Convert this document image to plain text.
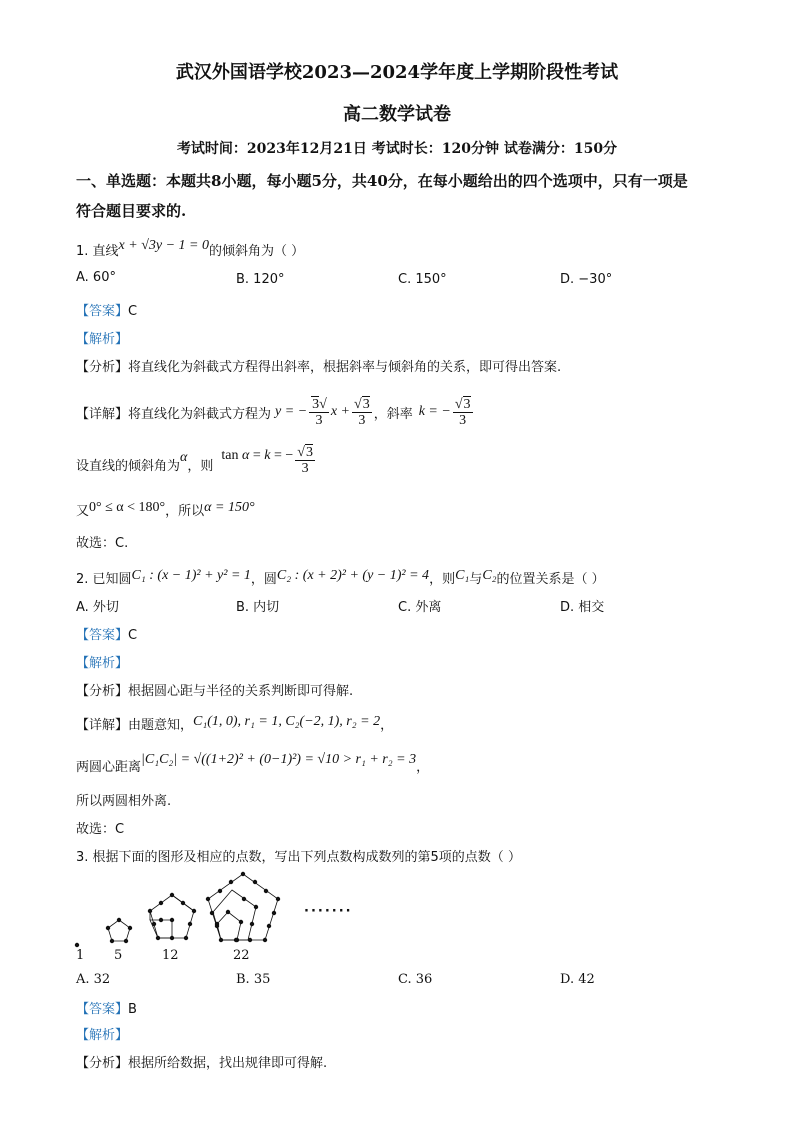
武汉外国语学校2023—2024学年度上学期阶段性考试
高二数学试卷
考试时间：2023年12月21日 考试时长：120分钟 试卷满分：150分
一、单选题：本题共8小题，每小题5分，共40分，在每小题给出的四个选项中，只有一项是
符合题目要求的.
1. 直线x + √3y − 1 = 0的倾斜角为（ ）
A. 60°	B. 120°	C. 150°	D. −30°
【答案】C
【解析】
【分析】将直线化为斜截式方程得出斜率，根据斜率与倾斜角的关系，即可得出答案.
【详解】 将直线化为斜截式方程为 y = − $\frac{3√}{3}$ $x + \frac{√3}{3}$ ，斜率 k = − $\frac{√3}{3}$
设直线的倾斜角为
α
，则
tan α = k = − $\frac{√3}{3}$
又0° ≤ α < 180°，所以α = 150°
故选：C.
2. 已知圆C₁ : (x − 1)² + y² = 1，圆C₂ : (x + 2)² + (y − 1)² = 4，则C₁与C₂的位置关系是（ ）
A. 外切	B. 内切	C. 外离	D. 相交
【答案】C
【解析】
【分析】根据圆心距与半径的关系判断即可得解.
【详解】由题意知，C₁(1, 0), r₁ = 1, C₂(−2, 1), r₂ = 2，
两圆心距离|C₁C₂| = √((1+2)² + (0−1)²) = √10 > r₁ + r₂ = 3，
所以两圆相外离.
故选：C
3. 根据下面的图形及相应的点数，写出下列点数构成数列的第5项的点数（ ）
·······
1 5	12	22
A. 32	B. 35	C. 36	D. 42
【答案】B
【解析】
【分析】根据所给数据，找出规律即可得解.
